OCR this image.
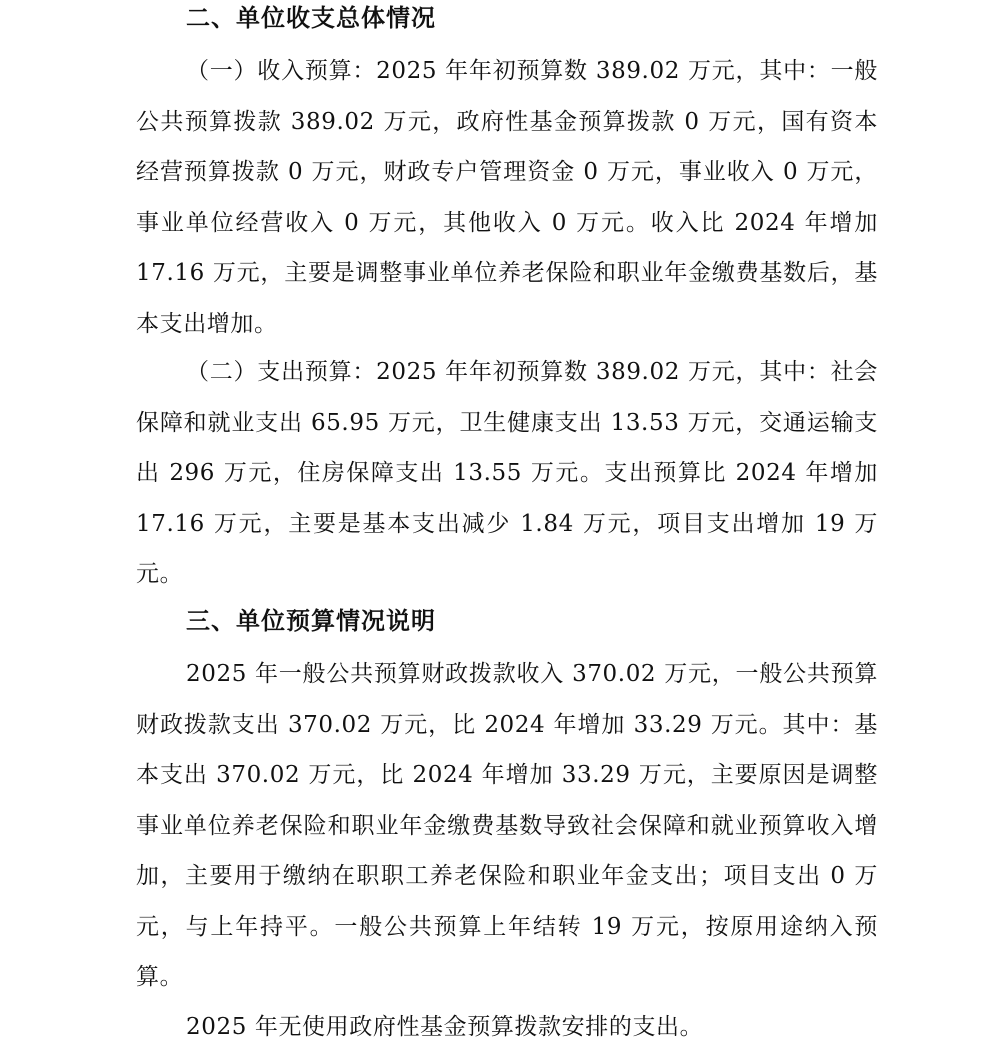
二、单位收支总体情况
（一）收入预算：2025 年年初预算数 389.02 万元，其中：一般公共预算拨款 389.02 万元，政府性基金预算拨款 0 万元，国有资本经营预算拨款 0 万元，财政专户管理资金 0 万元，事业收入 0 万元，事业单位经营收入 0 万元，其他收入 0 万元。收入比 2024 年增加 17.16 万元，主要是调整事业单位养老保险和职业年金缴费基数后，基本支出增加。
（二）支出预算：2025 年年初预算数 389.02 万元，其中：社会保障和就业支出 65.95 万元，卫生健康支出 13.53 万元，交通运输支出 296 万元，住房保障支出 13.55 万元。支出预算比 2024 年增加 17.16 万元，主要是基本支出减少 1.84 万元，项目支出增加 19 万元。
三、单位预算情况说明
2025 年一般公共预算财政拨款收入 370.02 万元，一般公共预算财政拨款支出 370.02 万元，比 2024 年增加 33.29 万元。其中：基本支出 370.02 万元，比 2024 年增加 33.29 万元，主要原因是调整事业单位养老保险和职业年金缴费基数导致社会保障和就业预算收入增加，主要用于缴纳在职职工养老保险和职业年金支出；项目支出 0 万元，与上年持平。一般公共预算上年结转 19 万元，按原用途纳入预算。
2025 年无使用政府性基金预算拨款安排的支出。
